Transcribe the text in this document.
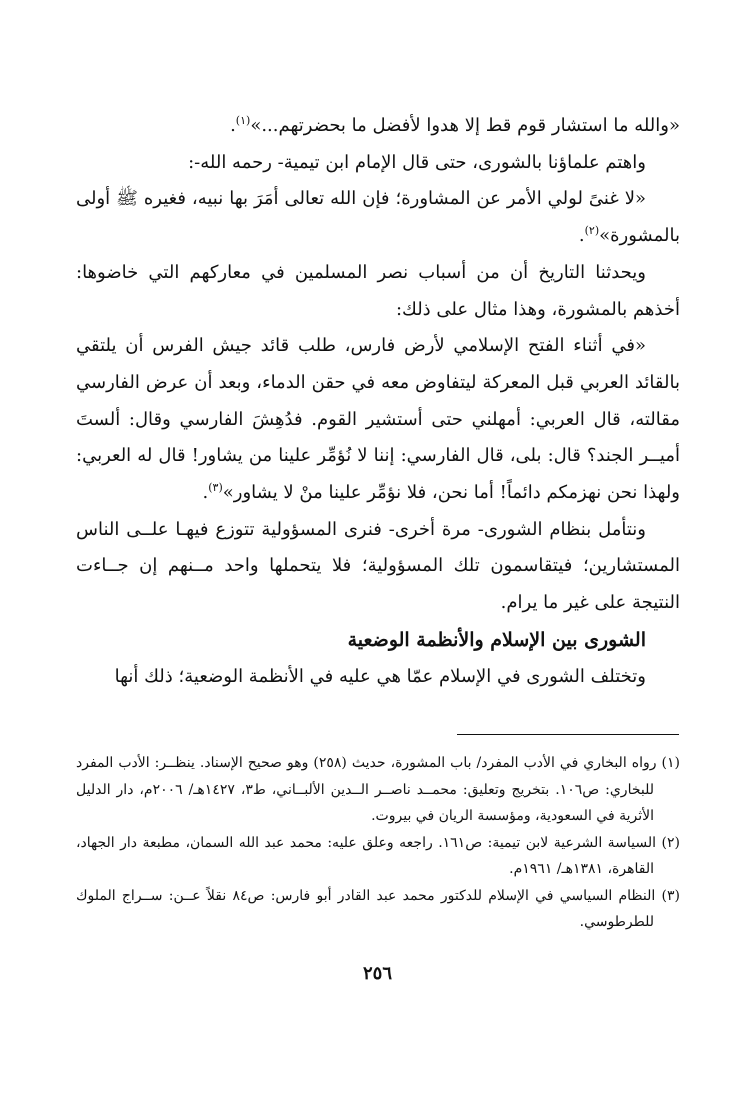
«والله ما استشار قوم قط إلا هدوا لأفضل ما بحضرتهم...»$^{(١)}$.

واهتم علماؤنا بالشورى، حتى قال الإمام ابن تيمية- رحمه الله-:

«لا غنىً لولي الأمر عن المشاورة؛ فإن الله تعالى أمَرَ بها نبيه، فغيره ﷺ أولى بالمشورة»$^{(٢)}$.

ويحدثنا التاريخ أن من أسباب نصر المسلمين في معاركهم التي خاضوها: أخذهم بالمشورة، وهذا مثال على ذلك:

«في أثناء الفتح الإسلامي لأرض فارس، طلب قائد جيش الفرس أن يلتقي بالقائد العربي قبل المعركة ليتفاوض معه في حقن الدماء، وبعد أن عرض الفارسي مقالته، قال العربي: أمهلني حتى أستشير القوم. فدُهِشَ الفارسي وقال: ألستَ أميــر الجند؟ قال: بلى، قال الفارسي: إننا لا نُؤمِّر علينا من يشاور! قال له العربي: ولهذا نحن نهزمكم دائماً! أما نحن، فلا نؤمِّر علينا منْ لا يشاور»$^{(٣)}$.

ونتأمل بنظام الشورى- مرة أخرى- فنرى المسؤولية تتوزع فيهـا علــى الناس المستشارين؛ فيتقاسمون تلك المسؤولية؛ فلا يتحملها واحد مــنهم إن جــاءت النتيجة على غير ما يرام.

الشورى بين الإسلام والأنظمة الوضعية

وتختلف الشورى في الإسلام عمّا هي عليه في الأنظمة الوضعية؛ ذلك أنها

(١) رواه البخاري في الأدب المفرد/ باب المشورة، حديث (٢٥٨) وهو صحيح الإسناد. ينظــر: الأدب المفرد للبخاري: ص١٠٦. بتخريج وتعليق: محمــد ناصــر الــدين الألبــاني، ط٣، ١٤٢٧هـ/ ٢٠٠٦م، دار الدليل الأثرية في السعودية، ومؤسسة الريان في بيروت.

(٢) السياسة الشرعية لابن تيمية: ص١٦١. راجعه وعلق عليه: محمد عبد الله السمان، مطبعة دار الجهاد، القاهرة، ١٣٨١هـ/ ١٩٦١م.

(٣) النظام السياسي في الإسلام للدكتور محمد عبد القادر أبو فارس: ص٨٤ نقلاً عــن: ســراج الملوك للطرطوسي.

٢٥٦
